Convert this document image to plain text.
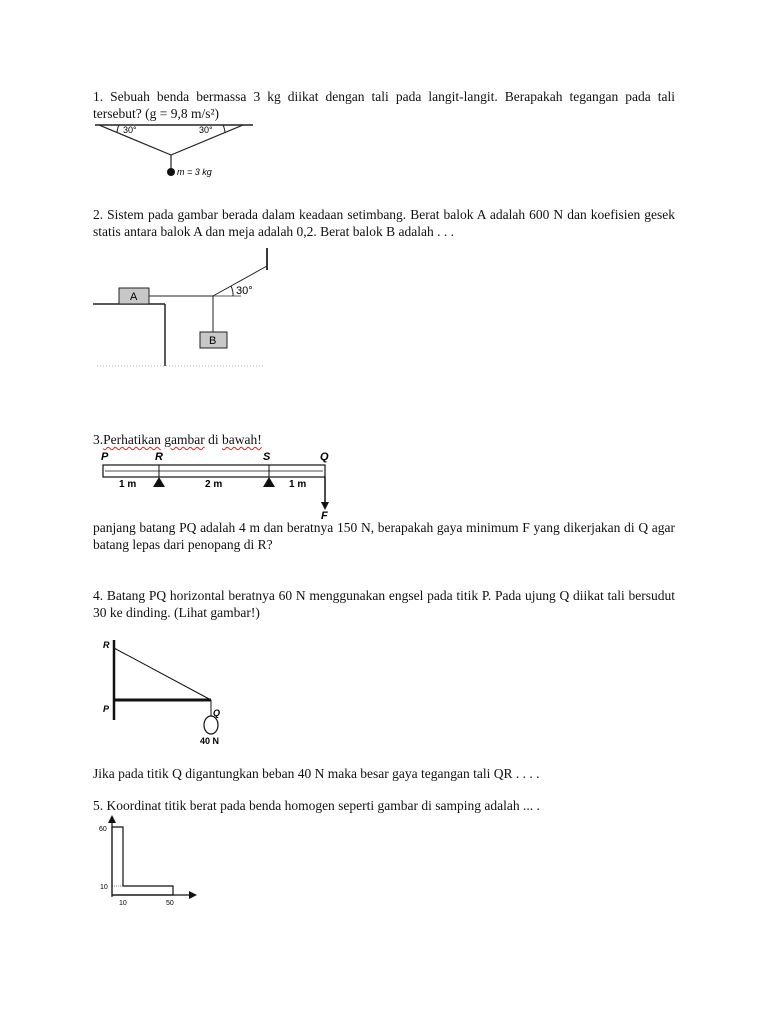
1. Sebuah benda bermassa 3 kg diikat dengan tali pada langit-langit. Berapakah tegangan pada tali tersebut? (g = 9,8 m/s²)
30°	30°
m = 3 kg
2. Sistem pada gambar berada dalam keadaan setimbang. Berat balok A adalah 600 N dan koefisien gesek statis antara balok A dan meja adalah 0,2. Berat balok B adalah . . .
A	30°
B
3.Perhatikan gambar di bawah!
P	R	S	Q
1 m	2 m	1 m
F
panjang batang PQ adalah 4 m dan beratnya 150 N, berapakah gaya minimum F yang dikerjakan di Q agar batang lepas dari penopang di R?
4. Batang PQ horizontal beratnya 60 N menggunakan engsel pada titik P. Pada ujung Q diikat tali bersudut 30 ke dinding. (Lihat gambar!)
R
P	Q
40 N
Jika pada titik Q digantungkan beban 40 N maka besar gaya tegangan tali QR . . . .
5. Koordinat titik berat pada benda homogen seperti gambar di samping adalah ... .
60
10
10	50
